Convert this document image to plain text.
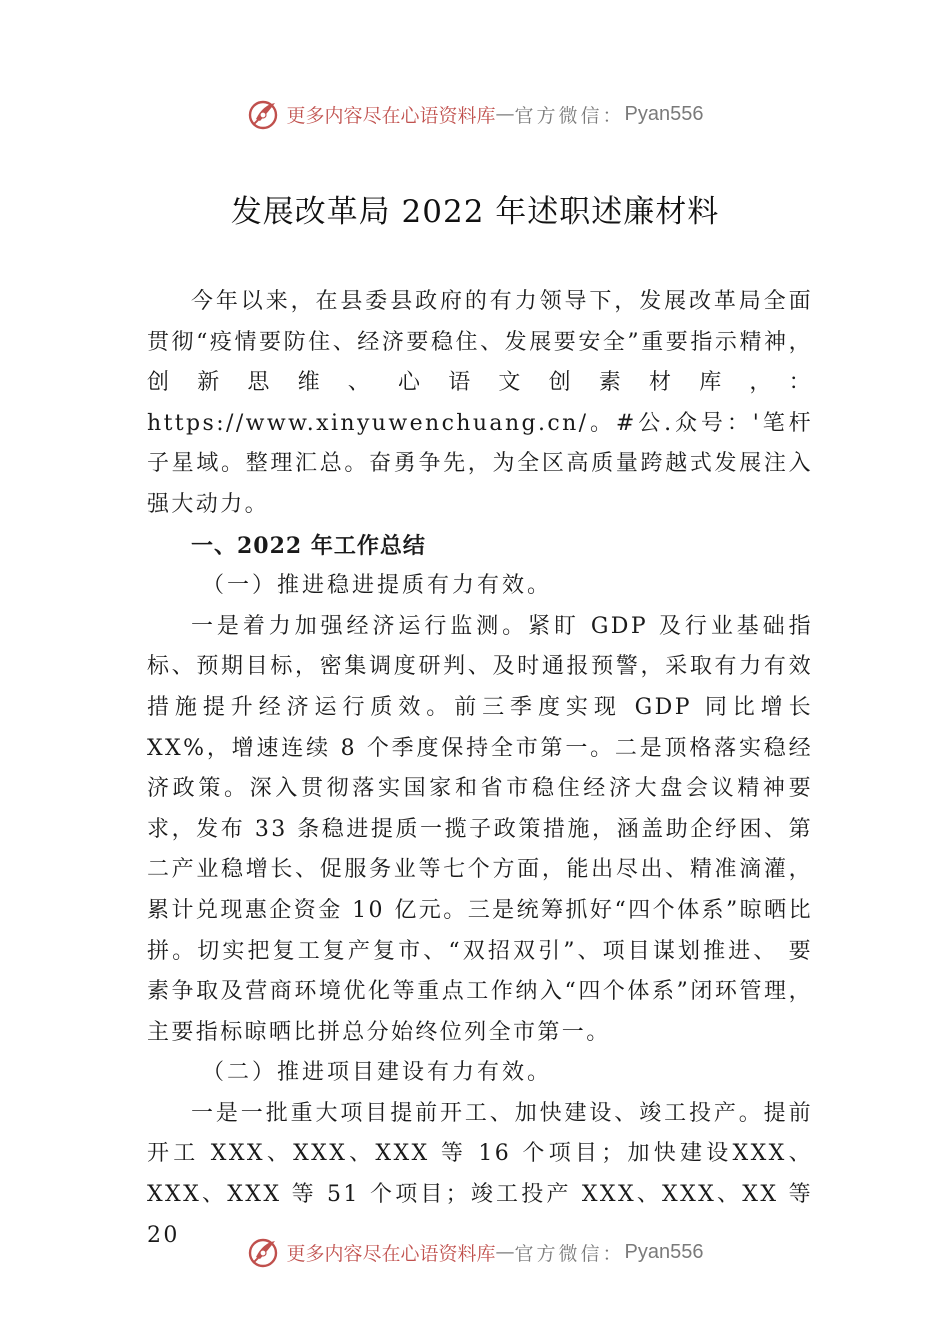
更多内容尽在心语资料库 — 官方微信： Pyan556
发展改革局 2022 年述职述廉材料

今年以来，在县委县政府的有力领导下，发展改革局全面贯彻“疫情要防住、经济要稳住、发展要安全”重要指示精神，创新思维、心语文创素材库，：https://www.xinyuwenchuang.cn/。#公.众号：'笔杆子星域。整理汇总。奋勇争先，为全区高质量跨越式发展注入强大动力。

一、2022 年工作总结

（一）推进稳进提质有力有效。

一是着力加强经济运行监测。紧盯 GDP 及行业基础指标、预期目标，密集调度研判、及时通报预警，采取有力有效措施提升经济运行质效。前三季度实现 GDP 同比增长XX%，增速连续 8 个季度保持全市第一。二是顶格落实稳经济政策。深入贯彻落实国家和省市稳住经济大盘会议精神要求，发布 33 条稳进提质一揽子政策措施，涵盖助企纾困、第二产业稳增长、促服务业等七个方面，能出尽出、精准滴灌，累计兑现惠企资金 10 亿元。三是统筹抓好“四个体系”晾晒比拼。切实把复工复产复市、“双招双引”、项目谋划推进、 要素争取及营商环境优化等重点工作纳入“四个体系”闭环管理，主要指标晾晒比拼总分始终位列全市第一。

（二）推进项目建设有力有效。

一是一批重大项目提前开工、加快建设、竣工投产。提前开工 XXX、XXX、XXX 等 16 个项目；加快建设XXX、XXX、XXX 等 51 个项目；竣工投产 XXX、XXX、XX 等 20

更多内容尽在心语资料库 — 官方微信： Pyan556
